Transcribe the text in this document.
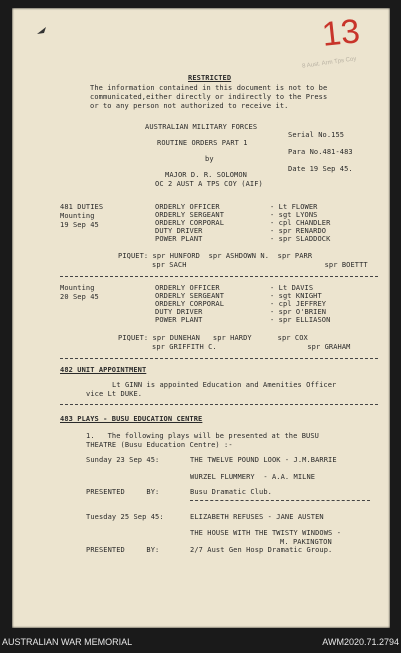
13
8 Aust. Arm Tps Coy
RESTRICTED
The information contained in this document is not to be
communicated,either directly or indirectly to the Press
or to any person not authorized to receive it.
AUSTRALIAN MILITARY FORCES
ROUTINE ORDERS PART 1
by
MAJOR D. R. SOLOMON
OC 2 AUST A TPS COY (AIF)
Serial No.155
Para No.481-483
Date 19 Sep 45.
481 DUTIES
Mounting
19 Sep 45
ORDERLY OFFICER	- Lt FLOWER
ORDERLY SERGEANT	- sgt LYONS
ORDERLY CORPORAL	- cpl CHANDLER
DUTY DRIVER	- spr RENARDO
POWER PLANT	- spr SLADDOCK
PIQUET: spr HUNFORD  spr ASHDOWN N.  spr PARR
spr SACH                                spr BOETTT
Mounting
20 Sep 45
ORDERLY OFFICER	- Lt DAVIS
ORDERLY SERGEANT	- sgt KNIGHT
ORDERLY CORPORAL	- cpl JEFFREY
DUTY DRIVER	- spr O'BRIEN
POWER PLANT	- spr ELLIASON
PIQUET: spr DUNEHAN   spr HARDY      spr COX
spr GRIFFITH C.                     spr GRAHAM
482 UNIT APPOINTMENT
Lt GINN is appointed Education and Amenities Officer
vice Lt DUKE.
483 PLAYS - BUSU EDUCATION CENTRE
1.   The following plays will be presented at the BUSU
THEATRE (Busu Education Centre) :-
Sunday 23 Sep 45:	THE TWELVE POUND LOOK - J.M.BARRIE
WURZEL FLUMMERY  - A.A. MILNE
PRESENTED     BY:	Busu Dramatic Club.
Tuesday 25 Sep 45:	ELIZABETH REFUSES - JANE AUSTEN
THE HOUSE WITH THE TWISTY WINDOWS -
M. PAKINGTON
PRESENTED     BY:	2/7 Aust Gen Hosp Dramatic Group.
AUSTRALIAN WAR MEMORIAL	AWM2020.71.2794
